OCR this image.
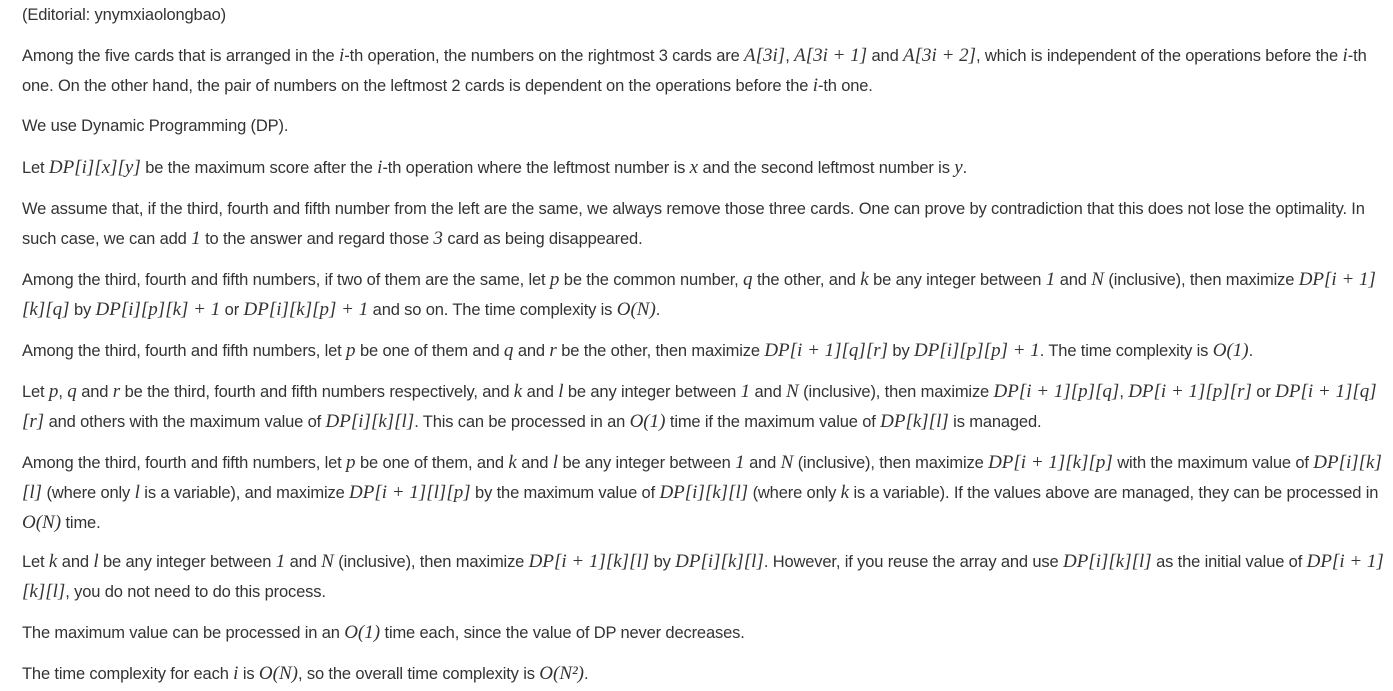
(Editorial: ynymxiaolongbao)

Among the five cards that is arranged in the i-th operation, the numbers on the rightmost 3 cards are A[3i], A[3i + 1] and A[3i + 2], which is independent of the operations before the i-th one. On the other hand, the pair of numbers on the leftmost 2 cards is dependent on the operations before the i-th one.

We use Dynamic Programming (DP).

Let DP[i][x][y] be the maximum score after the i-th operation where the leftmost number is x and the second leftmost number is y.

We assume that, if the third, fourth and fifth number from the left are the same, we always remove those three cards. One can prove by contradiction that this does not lose the optimality. In such case, we can add 1 to the answer and regard those 3 card as being disappeared.

Among the third, fourth and fifth numbers, if two of them are the same, let p be the common number, q the other, and k be any integer between 1 and N (inclusive), then maximize DP[i + 1][k][q] by DP[i][p][k] + 1 or DP[i][k][p] + 1 and so on. The time complexity is O(N).

Among the third, fourth and fifth numbers, let p be one of them and q and r be the other, then maximize DP[i + 1][q][r] by DP[i][p][p] + 1. The time complexity is O(1).

Let p, q and r be the third, fourth and fifth numbers respectively, and k and l be any integer between 1 and N (inclusive), then maximize DP[i + 1][p][q], DP[i + 1][p][r] or DP[i + 1][q][r] and others with the maximum value of DP[i][k][l]. This can be processed in an O(1) time if the maximum value of DP[k][l] is managed.

Among the third, fourth and fifth numbers, let p be one of them, and k and l be any integer between 1 and N (inclusive), then maximize DP[i + 1][k][p] with the maximum value of DP[i][k][l] (where only l is a variable), and maximize DP[i + 1][l][p] by the maximum value of DP[i][k][l] (where only k is a variable). If the values above are managed, they can be processed in O(N) time.

Let k and l be any integer between 1 and N (inclusive), then maximize DP[i + 1][k][l] by DP[i][k][l]. However, if you reuse the array and use DP[i][k][l] as the initial value of DP[i + 1][k][l], you do not need to do this process.

The maximum value can be processed in an O(1) time each, since the value of DP never decreases.

The time complexity for each i is O(N), so the overall time complexity is O(N²).
